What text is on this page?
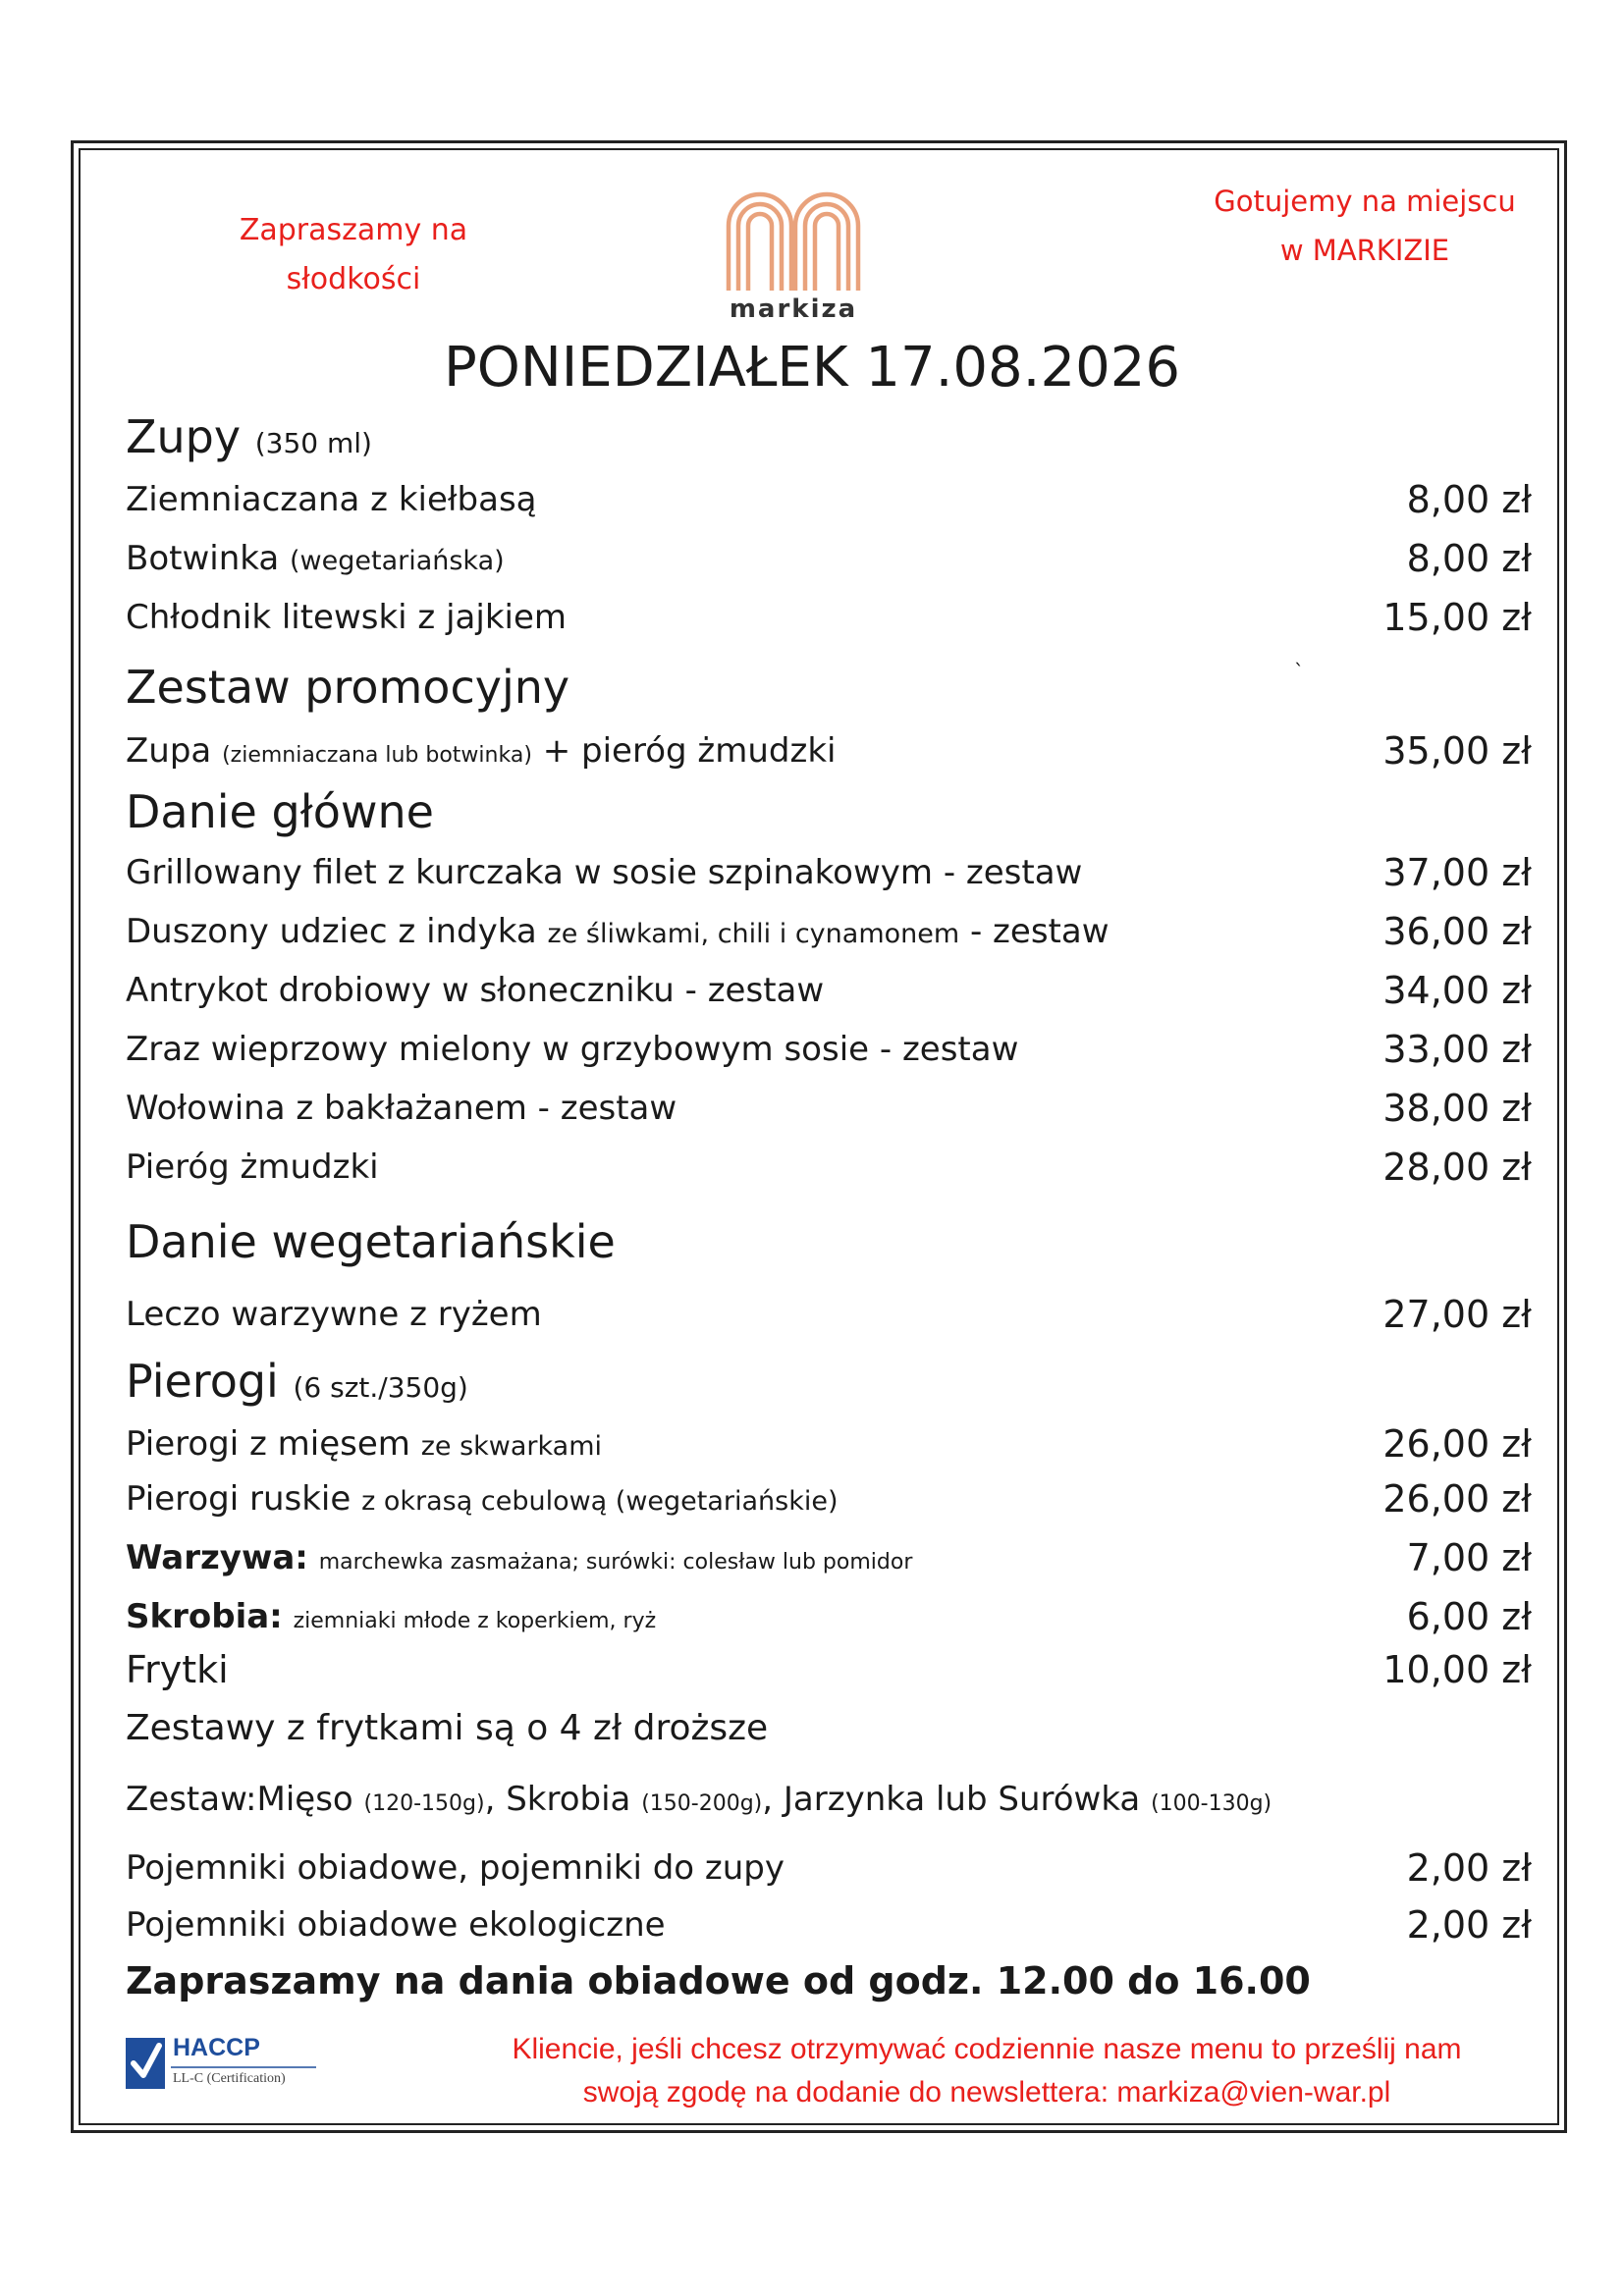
Zapraszamy na
słodkości
markiza
Gotujemy na miejscu
w MARKIZIE
PONIEDZIAŁEK 17.08.2026
Zupy (350 ml)
Ziemniaczana z kiełbasą	8,00 zł
Botwinka (wegetariańska)	8,00 zł
Chłodnik litewski z jajkiem	15,00 zł
Zestaw promocyjny	`
Zupa (ziemniaczana lub botwinka) + pieróg żmudzki	35,00 zł
Danie główne
Grillowany filet z kurczaka w sosie szpinakowym - zestaw	37,00 zł
Duszony udziec z indyka ze śliwkami, chili i cynamonem - zestaw	36,00 zł
Antrykot drobiowy w słoneczniku - zestaw	34,00 zł
Zraz wieprzowy mielony w grzybowym sosie - zestaw	33,00 zł
Wołowina z bakłażanem - zestaw	38,00 zł
Pieróg żmudzki	28,00 zł
Danie wegetariańskie
Leczo warzywne z ryżem	27,00 zł
Pierogi (6 szt./350g)
Pierogi z mięsem ze skwarkami	26,00 zł
Pierogi ruskie z okrasą cebulową (wegetariańskie)	26,00 zł
Warzywa: marchewka zasmażana; surówki: colesław lub pomidor	7,00 zł
Skrobia: ziemniaki młode z koperkiem, ryż	6,00 zł
Frytki	10,00 zł
Zestawy z frytkami są o 4 zł droższe
Zestaw:Mięso (120-150g), Skrobia (150-200g), Jarzynka lub Surówka (100-130g)
Pojemniki obiadowe, pojemniki do zupy	2,00 zł
Pojemniki obiadowe ekologiczne	2,00 zł
Zapraszamy na dania obiadowe od godz. 12.00 do 16.00
HACCP
LL-C (Certification)
Kliencie, jeśli chcesz otrzymywać codziennie nasze menu to prześlij nam
swoją zgodę na dodanie do newslettera: markiza@vien-war.pl
